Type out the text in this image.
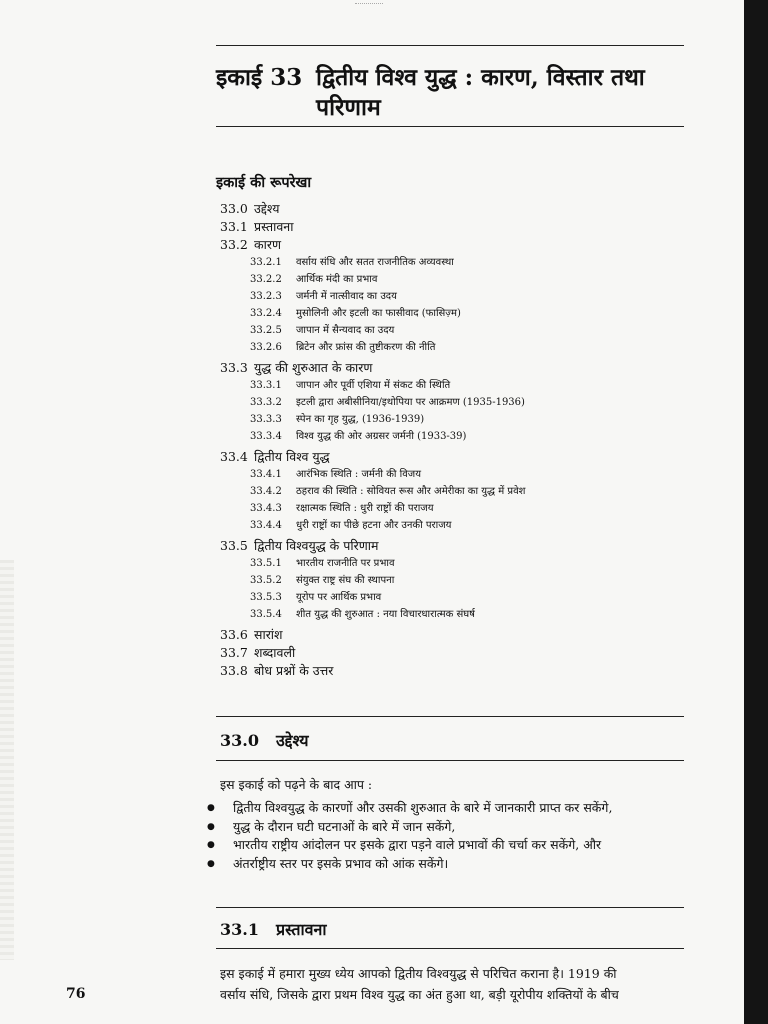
इकाई 33 द्वितीय विश्व युद्ध : कारण, विस्तार तथा
परिणाम
इकाई की रूपरेखा
33.0 उद्देश्य
33.1 प्रस्तावना
33.2 कारण
33.2.1 वर्साय संधि और सतत राजनीतिक अव्यवस्था
33.2.2 आर्थिक मंदी का प्रभाव
33.2.3 जर्मनी में नात्सीवाद का उदय
33.2.4 मुसोलिनी और इटली का फासीवाद (फासिज़्म)
33.2.5 जापान में सैन्यवाद का उदय
33.2.6 ब्रिटेन और फ्रांस की तुष्टीकरण की नीति
33.3 युद्ध की शुरुआत के कारण
33.3.1 जापान और पूर्वी एशिया में संकट की स्थिति
33.3.2 इटली द्वारा अबीसीनिया/इथोपिया पर आक्रमण (1935-1936)
33.3.3 स्पेन का गृह युद्ध, (1936-1939)
33.3.4 विश्व युद्ध की ओर अग्रसर जर्मनी (1933-39)
33.4 द्वितीय विश्व युद्ध
33.4.1 आरंभिक स्थिति : जर्मनी की विजय
33.4.2 ठहराव की स्थिति : सोवियत रूस और अमेरीका का युद्ध में प्रवेश
33.4.3 रक्षात्मक स्थिति : धुरी राष्ट्रों की पराजय
33.4.4 धुरी राष्ट्रों का पीछे हटना और उनकी पराजय
33.5 द्वितीय विश्वयुद्ध के परिणाम
33.5.1 भारतीय राजनीति पर प्रभाव
33.5.2 संयुक्त राष्ट्र संघ की स्थापना
33.5.3 यूरोप पर आर्थिक प्रभाव
33.5.4 शीत युद्ध की शुरुआत : नया विचारधारात्मक संघर्ष
33.6 सारांश
33.7 शब्दावली
33.8 बोध प्रश्नों के उत्तर
33.0 उद्देश्य
इस इकाई को पढ़ने के बाद आप :
● द्वितीय विश्वयुद्ध के कारणों और उसकी शुरुआत के बारे में जानकारी प्राप्त कर सकेंगे,
● युद्ध के दौरान घटी घटनाओं के बारे में जान सकेंगे,
● भारतीय राष्ट्रीय आंदोलन पर इसके द्वारा पड़ने वाले प्रभावों की चर्चा कर सकेंगे, और
● अंतर्राष्ट्रीय स्तर पर इसके प्रभाव को आंक सकेंगे।
33.1 प्रस्तावना
इस इकाई में हमारा मुख्य ध्येय आपको द्वितीय विश्वयुद्ध से परिचित कराना है। 1919 की
वर्साय संधि, जिसके द्वारा प्रथम विश्व युद्ध का अंत हुआ था, बड़ी यूरोपीय शक्तियों के बीच
76
